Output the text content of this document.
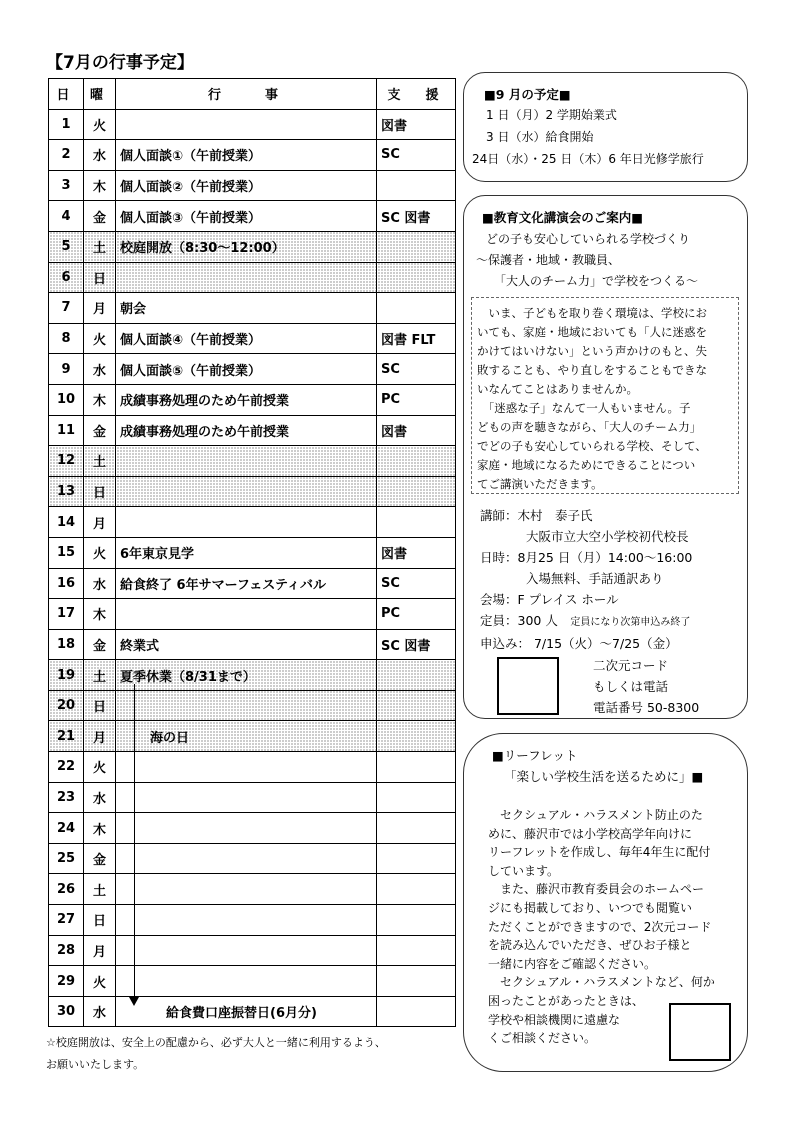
【7月の行事予定】
日	曜	行　　事	支　援
1	火		図書
2	水	個人面談①（午前授業）	SC
3	木	個人面談②（午前授業）	
4	金	個人面談③（午前授業）	SC 図書
5	土	校庭開放（8:30～12:00）	
6	日		
7	月	朝会	
8	火	個人面談④（午前授業）	図書 FLT
9	水	個人面談⑤（午前授業）	SC
10	木	成績事務処理のため午前授業	PC
11	金	成績事務処理のため午前授業	図書
12	土		
13	日		
14	月		
15	火	6年東京見学	図書
16	水	給食終了 6年サマーフェスティバル	SC
17	木		PC
18	金	終業式	SC 図書
19	土	夏季休業（8/31まで）	
20	日		
21	月	海の日	
22	火		
23	水		
24	木		
25	金		
26	土		
27	日		
28	月		
29	火		
30	水	給食費口座振替日(6月分)	
☆校庭開放は、安全上の配慮から、必ず大人と一緒に利用するよう、
お願いいたします。
■9 月の予定■
1 日（月）2 学期始業式
3 日（水）給食開始
24日（水）・25 日（木）6 年日光修学旅行
■教育文化講演会のご案内■
どの子も安心していられる学校づくり
～保護者・地域・教職員、
「大人のチーム力」で学校をつくる～
　いま、子どもを取り巻く環境は、学校にお
いても、家庭・地域においても「人に迷惑を
かけてはいけない」という声かけのもと、失
敗することも、やり直しをすることもできな
いなんてことはありませんか。
　「迷惑な子」なんて一人もいません。子
どもの声を聴きながら、「大人のチーム力」
でどの子も安心していられる学校、そして、
家庭・地域になるためにできることについ
てご講演いただきます。
講師：木村　泰子氏
大阪市立大空小学校初代校長
日時：8月25 日（月）14:00～16:00
入場無料、手話通訳あり
会場：F プレイス ホール
定員：300 人　 定員になり次第申込み終了
申込み： 7/15（火）～7/25（金）
二次元コード
もしくは電話
電話番号 50-8300
■リーフレット
「楽しい学校生活を送るために」■
　セクシュアル・ハラスメント防止のた
めに、藤沢市では小学校高学年向けに
リーフレットを作成し、毎年4年生に配付
しています。
　また、藤沢市教育委員会のホームペー
ジにも掲載しており、いつでも閲覧い
ただくことができますので、2次元コード
を読み込んでいただき、ぜひお子様と
一緒に内容をご確認ください。
　セクシュアル・ハラスメントなど、何か
困ったことがあったときは、
学校や相談機関に遠慮な
くご相談ください。
